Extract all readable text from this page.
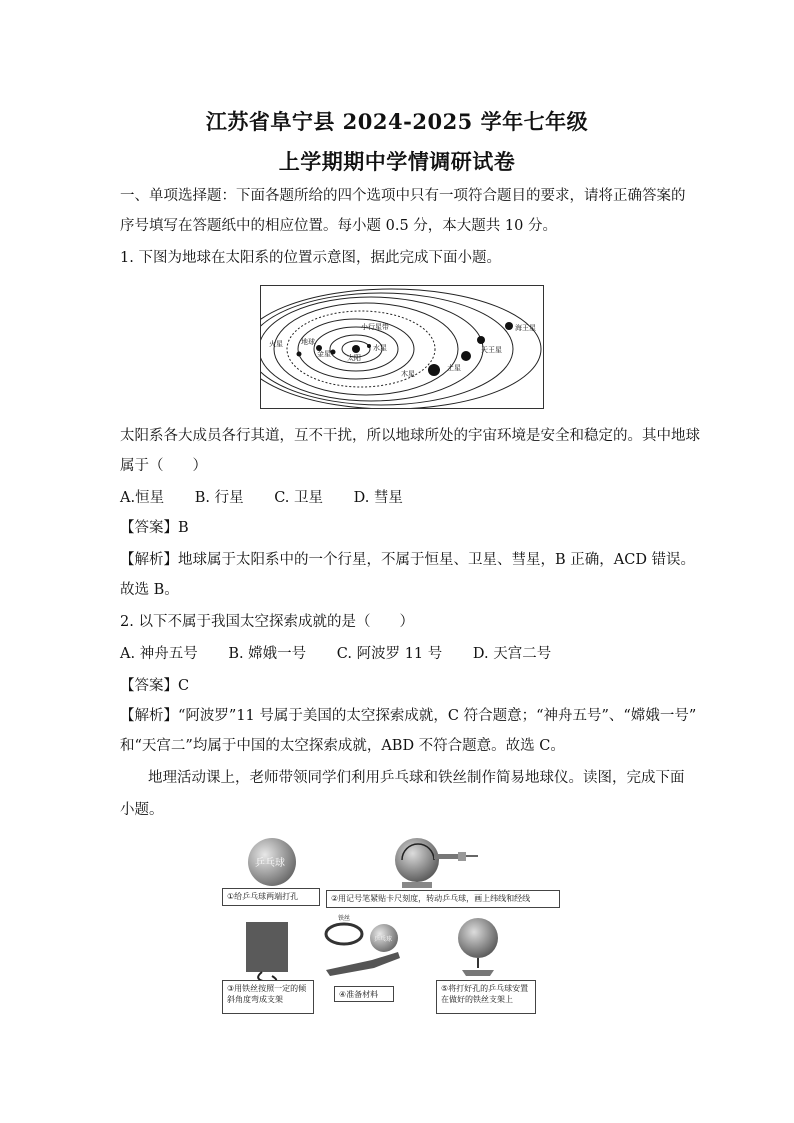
江苏省阜宁县 2024-2025 学年七年级
上学期期中学情调研试卷
一、单项选择题：下面各题所给的四个选项中只有一项符合题目的要求，请将正确答案的
序号填写在答题纸中的相应位置。每小题 0.5 分，本大题共 10 分。
1. 下图为地球在太阳系的位置示意图，据此完成下面小题。
太阳
水星
金星
地球
火星
小行星带
木星
土星
天王星
海王星
太阳系各大成员各行其道，互不干扰，所以地球所处的宇宙环境是安全和稳定的。其中地球
属于（　　）
A.恒星 B. 行星 C. 卫星 D. 彗星
【答案】B
【解析】地球属于太阳系中的一个行星，不属于恒星、卫星、彗星，B 正确，ACD 错误。
故选 B。
2. 以下不属于我国太空探索成就的是（　　）
A. 神舟五号 B. 嫦娥一号 C. 阿波罗 11 号 D. 天宫二号
【答案】C
【解析】“阿波罗”11 号属于美国的太空探索成就，C 符合题意；“神舟五号”、“嫦娥一号”
和“天宫二”均属于中国的太空探索成就，ABD 不符合题意。故选 C。
地理活动课上，老师带领同学们利用乒乓球和铁丝制作简易地球仪。读图，完成下面
小题。
乒乓球
铁丝
乒乓球
①给乒乓球两端打孔	②用记号笔紧贴卡尺刻度，转动乒乓球，画上纬线和经线
③用铁丝按照一定的倾斜角度弯成支架
④准备材料
⑤将打好孔的乒乓球安置在做好的铁丝支架上
